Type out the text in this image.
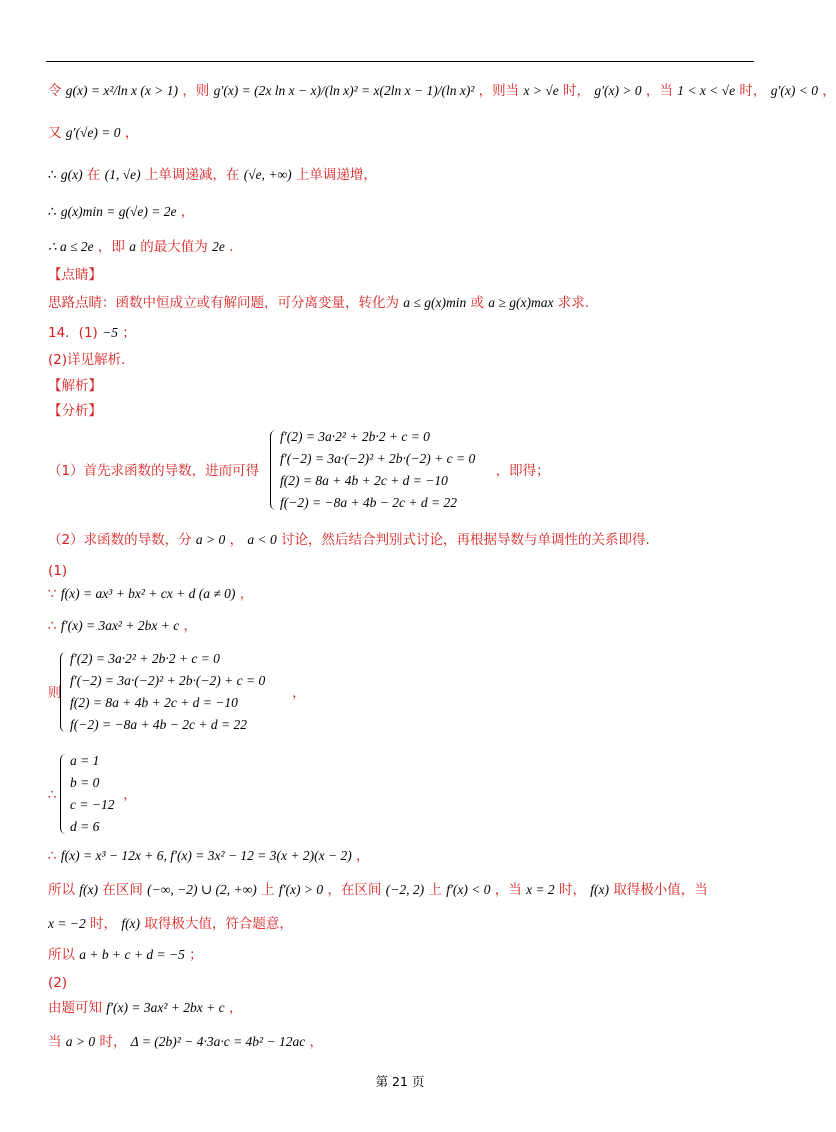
令 g(x) = x²/ln x (x > 1) ，则 g′(x) = (2x ln x − x)/(ln x)² = x(2ln x − 1)/(ln x)² ，则当 x > √e 时， g′(x) > 0 ，当 1 < x < √e 时， g′(x) < 0 ，
又 g′(√e) = 0 ，
∴ g(x) 在 (1, √e) 上单调递减，在 (√e, +∞) 上单调递增，
∴ g(x)min = g(√e) = 2e ，
∴ a ≤ 2e ，即 a 的最大值为 2e .
【点睛】
思路点睛：函数中恒成立或有解问题，可分离变量，转化为 a ≤ g(x)min 或 a ≥ g(x)max 求求.
14．(1) −5 ；
(2)详见解析.
【解析】
【分析】
（1）首先求函数的导数，进而可得	，即得；
f′(2) = 3a·2² + 2b·2 + c = 0
f′(−2) = 3a·(−2)² + 2b·(−2) + c = 0
f(2) = 8a + 4b + 2c + d = −10
f(−2) = −8a + 4b − 2c + d = 22
（2）求函数的导数，分 a > 0 ， a < 0 讨论，然后结合判别式讨论，再根据导数与单调性的关系即得.
(1)
∵ f(x) = ax³ + bx² + cx + d (a ≠ 0) ，
∴ f′(x) = 3ax² + 2bx + c ，
则	，
f′(2) = 3a·2² + 2b·2 + c = 0
f′(−2) = 3a·(−2)² + 2b·(−2) + c = 0
f(2) = 8a + 4b + 2c + d = −10
f(−2) = −8a + 4b − 2c + d = 22
∴	，
a = 1
b = 0
c = −12
d = 6
∴ f(x) = x³ − 12x + 6, f′(x) = 3x² − 12 = 3(x + 2)(x − 2) ，
所以 f(x) 在区间 (−∞, −2) ∪ (2, +∞) 上 f′(x) > 0 ，在区间 (−2, 2) 上 f′(x) < 0 ，当 x = 2 时， f(x) 取得极小值，当
x = −2 时， f(x) 取得极大值，符合题意，
所以 a + b + c + d = −5 ；
(2)
由题可知 f′(x) = 3ax² + 2bx + c ，
当 a > 0 时， Δ = (2b)² − 4·3a·c = 4b² − 12ac ，
第 21 页
